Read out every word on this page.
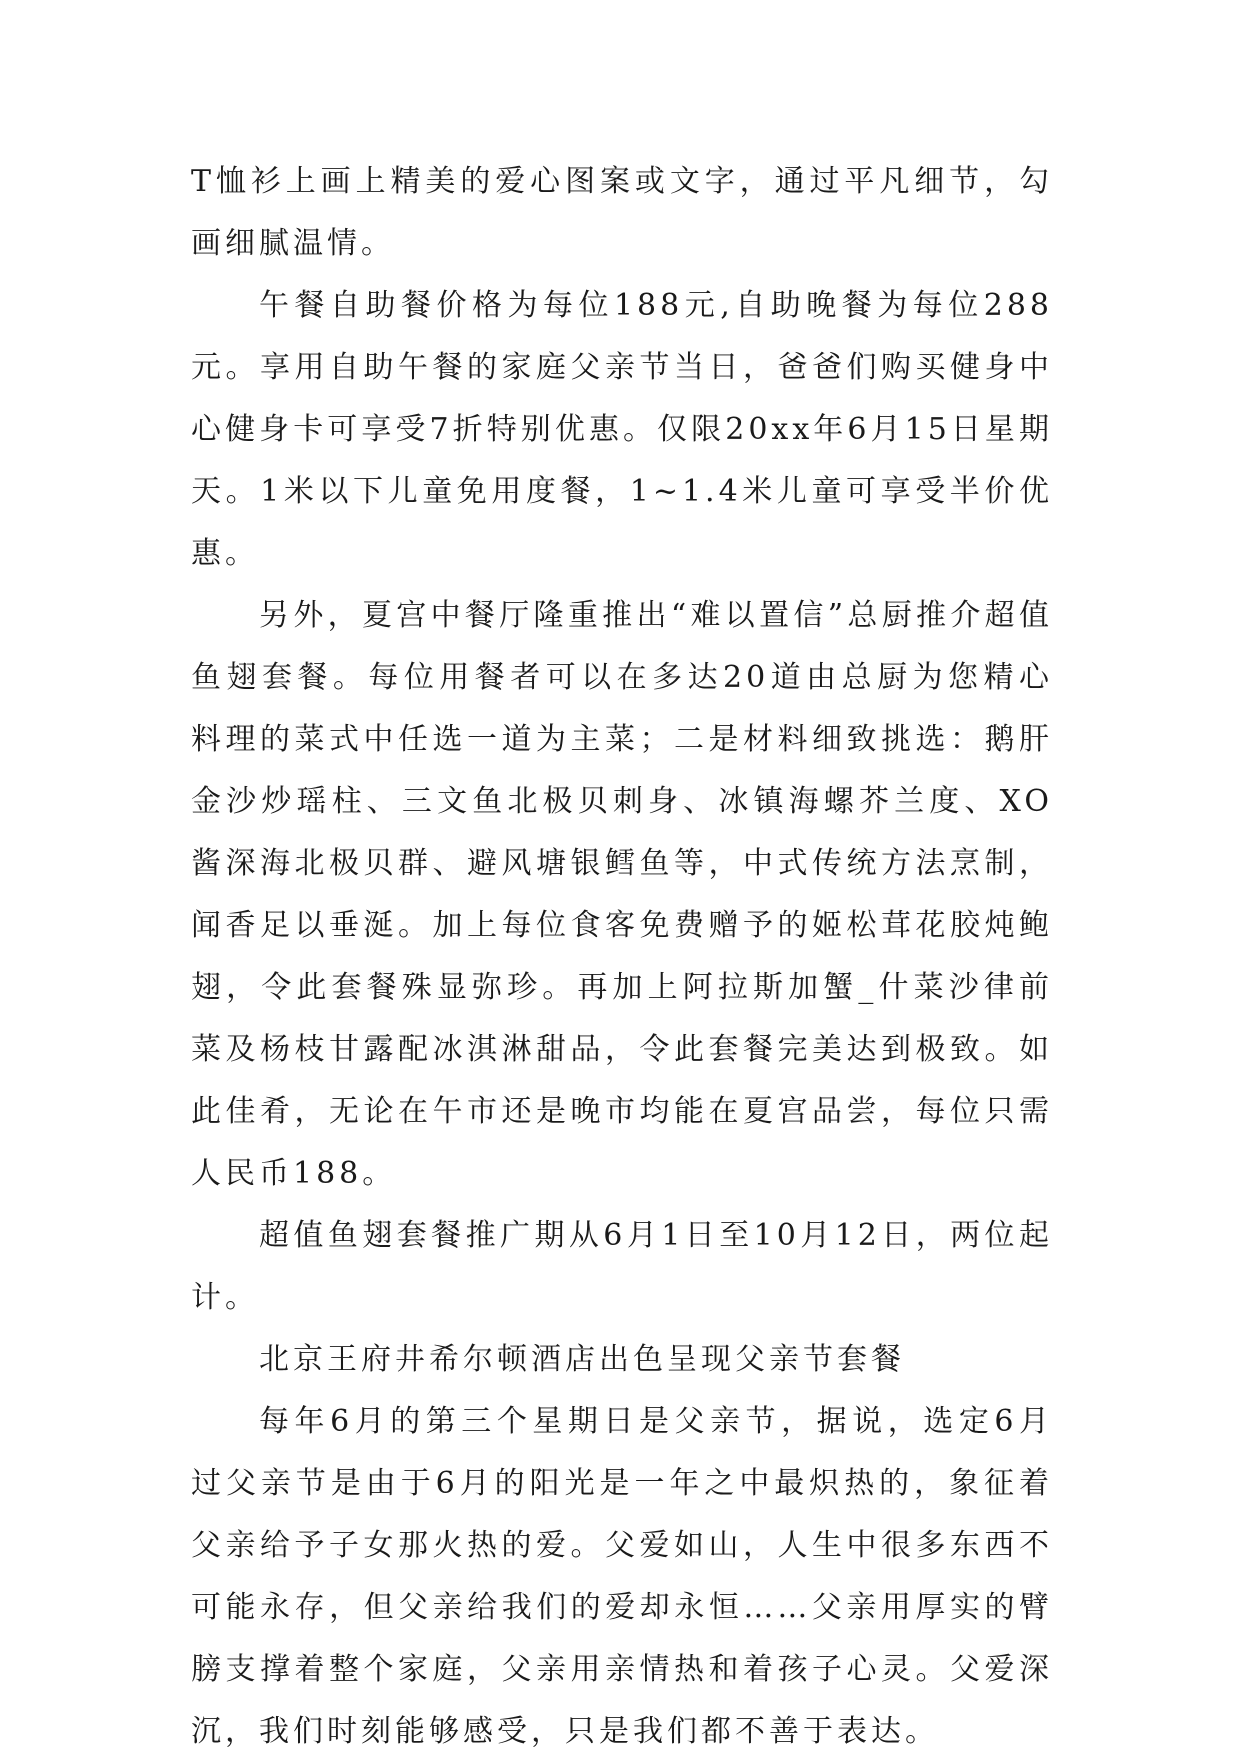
T恤衫上画上精美的爱心图案或文字，通过平凡细节，勾画细腻温情。

午餐自助餐价格为每位188元,自助晚餐为每位288元。享用自助午餐的家庭父亲节当日，爸爸们购买健身中心健身卡可享受7折特别优惠。仅限20xx年6月15日星期天。1米以下儿童免用度餐，1~1.4米儿童可享受半价优惠。

另外，夏宫中餐厅隆重推出“难以置信”总厨推介超值鱼翅套餐。每位用餐者可以在多达20道由总厨为您精心料理的菜式中任选一道为主菜；二是材料细致挑选：鹅肝金沙炒瑶柱、三文鱼北极贝刺身、冰镇海螺芥兰度、XO酱深海北极贝群、避风塘银鳕鱼等，中式传统方法烹制，闻香足以垂涎。加上每位食客免费赠予的姬松茸花胶炖鲍翅，令此套餐殊显弥珍。再加上阿拉斯加蟹_什菜沙律前菜及杨枝甘露配冰淇淋甜品，令此套餐完美达到极致。如此佳肴，无论在午市还是晚市均能在夏宫品尝，每位只需人民币188。

超值鱼翅套餐推广期从6月1日至10月12日，两位起计。

北京王府井希尔顿酒店出色呈现父亲节套餐

每年6月的第三个星期日是父亲节，据说，选定6月过父亲节是由于6月的阳光是一年之中最炽热的，象征着父亲给予子女那火热的爱。父爱如山，人生中很多东西不可能永存，但父亲给我们的爱却永恒……父亲用厚实的臂膀支撑着整个家庭，父亲用亲情热和着孩子心灵。父爱深沉，我们时刻能够感受，只是我们都不善于表达。
